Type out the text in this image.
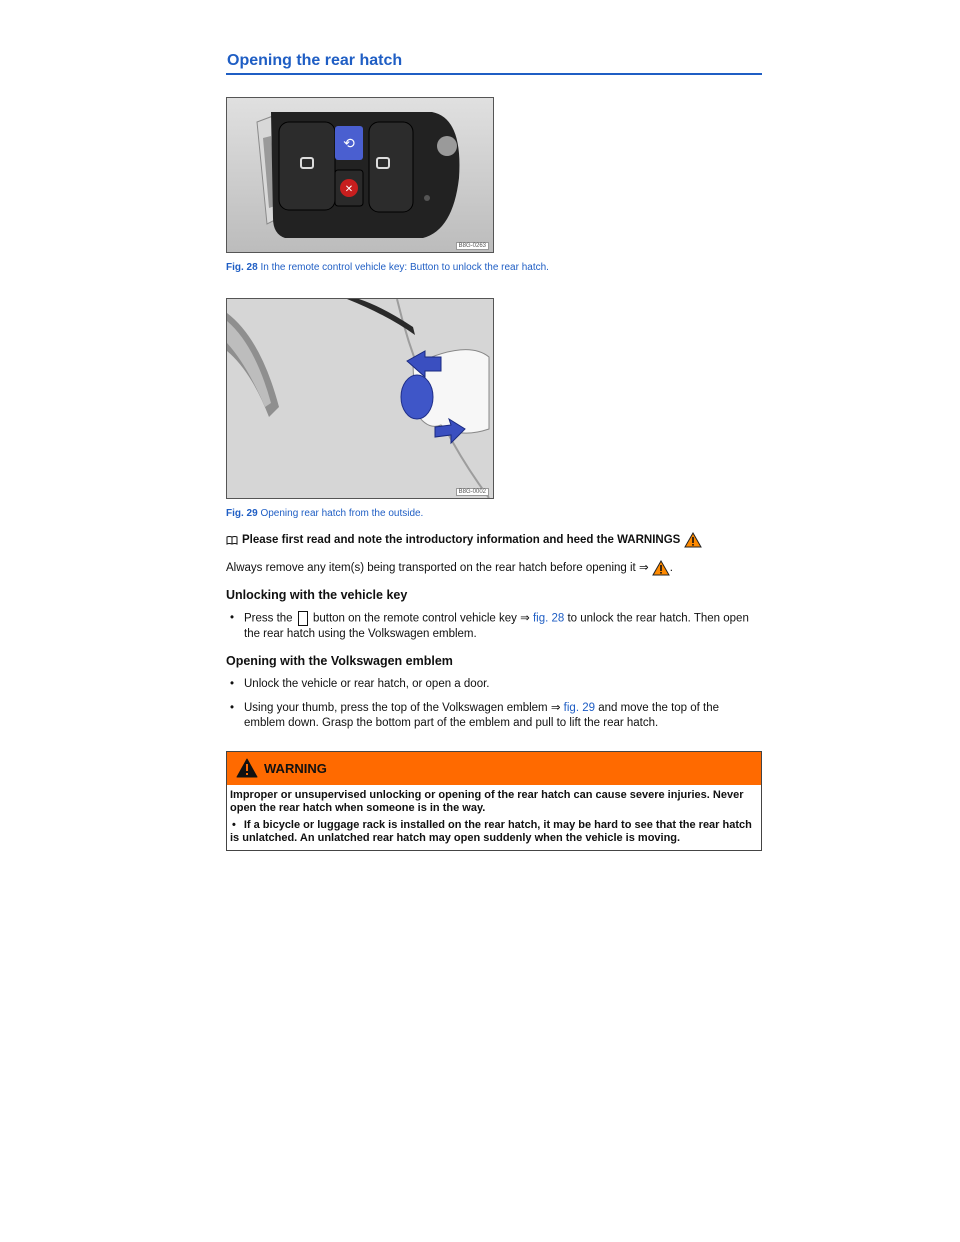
Opening the rear hatch
⟲
✕
B8G-0263
Fig. 28 In the remote control vehicle key: Button to unlock the rear hatch.
B8G-0002
Fig. 29 Opening rear hatch from the outside.
Please first read and note the introductory information and heed the WARNINGS

Always remove any item(s) being transported on the rear hatch before opening it ⇒ .

Unlocking with the vehicle key
• Press the button on the remote control vehicle key ⇒ fig. 28 to unlock the rear hatch. Then open the rear hatch using the Volkswagen emblem.
Opening with the Volkswagen emblem
• Unlock the vehicle or rear hatch, or open a door.
• Using your thumb, press the top of the Volkswagen emblem ⇒ fig. 29 and move the top of the emblem down. Grasp the bottom part of the emblem and pull to lift the rear hatch.
WARNING
Improper or unsupervised unlocking or opening of the rear hatch can cause severe injuries. Never open the rear hatch when someone is in the way.
• If a bicycle or luggage rack is installed on the rear hatch, it may be hard to see that the rear hatch is unlatched. An unlatched rear hatch may open suddenly when the vehicle is moving.
